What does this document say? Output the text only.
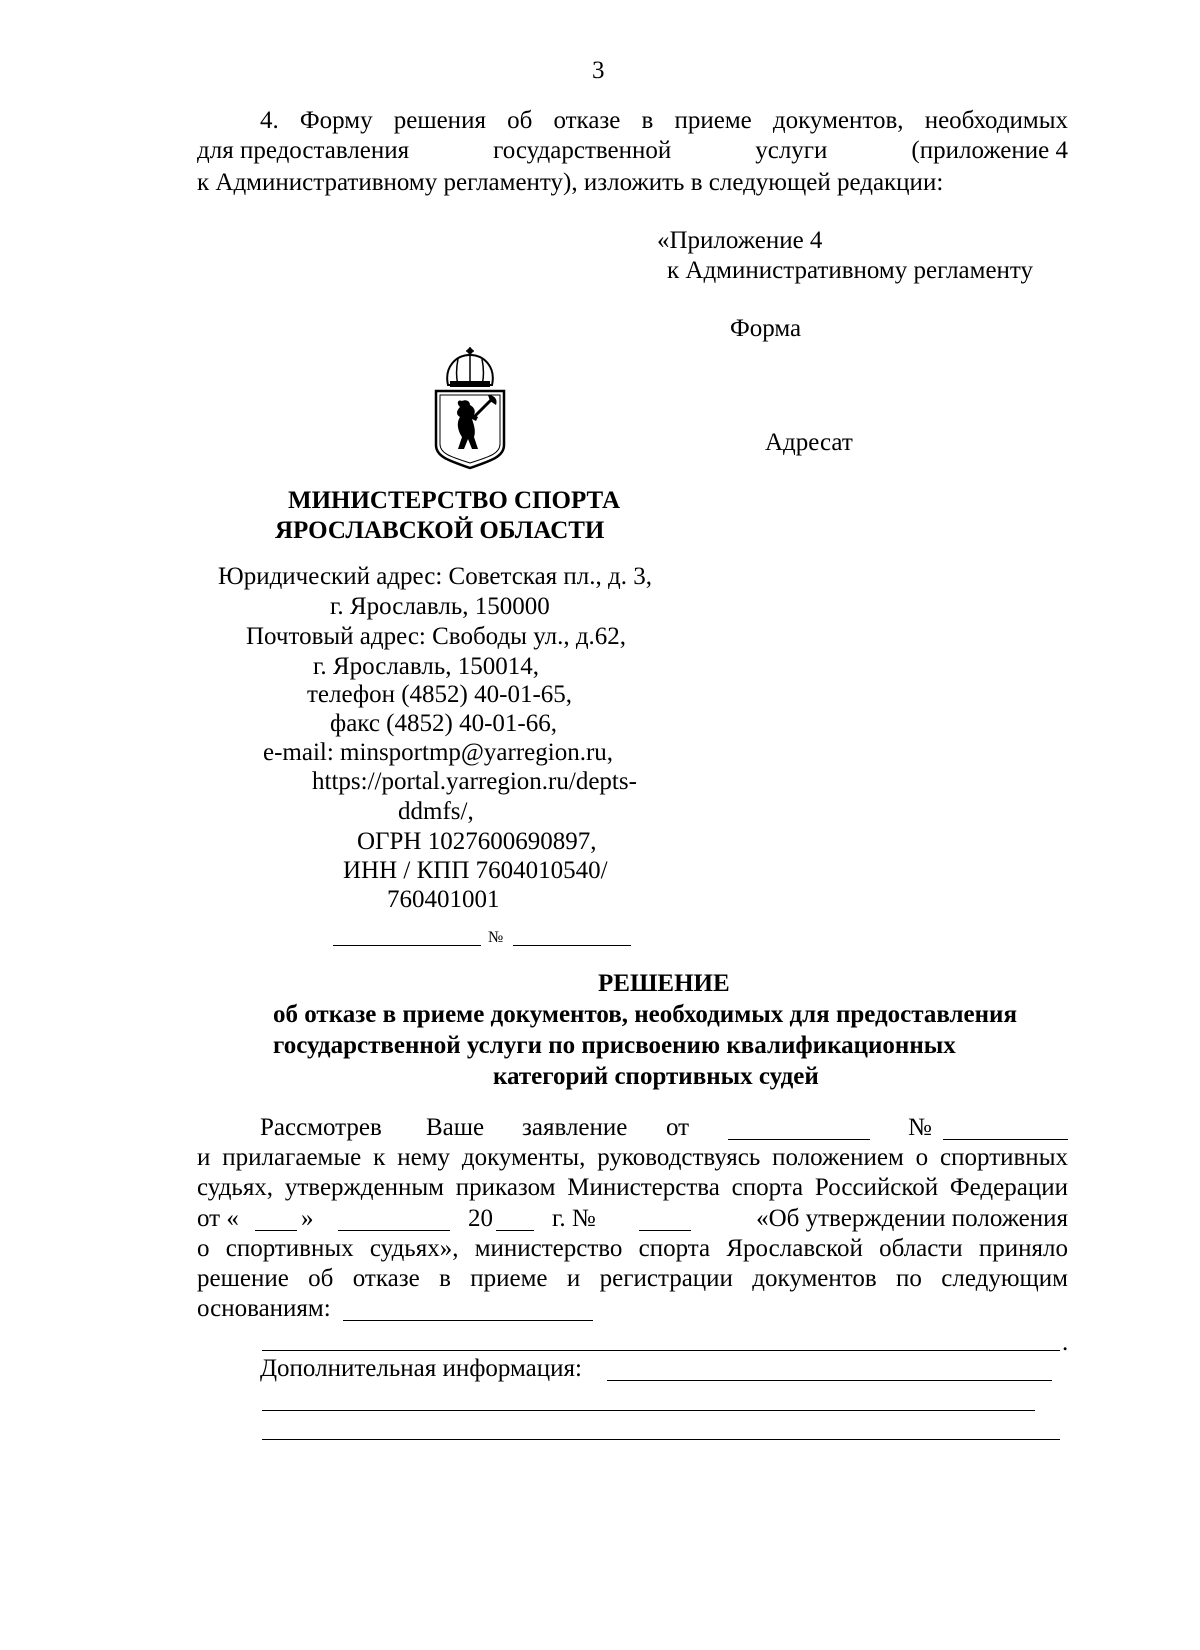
3
4. Форму решения об отказе в приеме документов, необходимых
для предоставления	государственной	услуги	(приложение 4
к Административному регламенту), изложить в следующей редакции:
«Приложение 4
к Административному регламенту
Форма
Адресат
МИНИСТЕРСТВО СПОРТА
ЯРОСЛАВСКОЙ ОБЛАСТИ
Юридический адрес: Советская пл., д. 3,
г. Ярославль, 150000
Почтовый адрес: Свободы ул., д.62,
г. Ярославль, 150014,
телефон (4852) 40-01-65,
факс (4852) 40-01-66,
e-mail: minsportmp@yarregion.ru,
https://portal.yarregion.ru/depts-
ddmfs/,
ОГРН 1027600690897,
ИНН / КПП 7604010540/
760401001
№
РЕШЕНИЕ
об отказе в приеме документов, необходимых для предоставления
государственной услуги по присвоению квалификационных
категорий спортивных судей
Рассмотрев Ваше заявление от	№
и прилагаемые к нему документы, руководствуясь положением о спортивных
судьях, утвержденным приказом Министерства спорта Российской Федерации
от « »	20 г. №	«Об утверждении положения
о спортивных судьях», министерство спорта Ярославской области приняло
решение об отказе в приеме и регистрации документов по следующим
основаниям:
.
Дополнительная информация:
